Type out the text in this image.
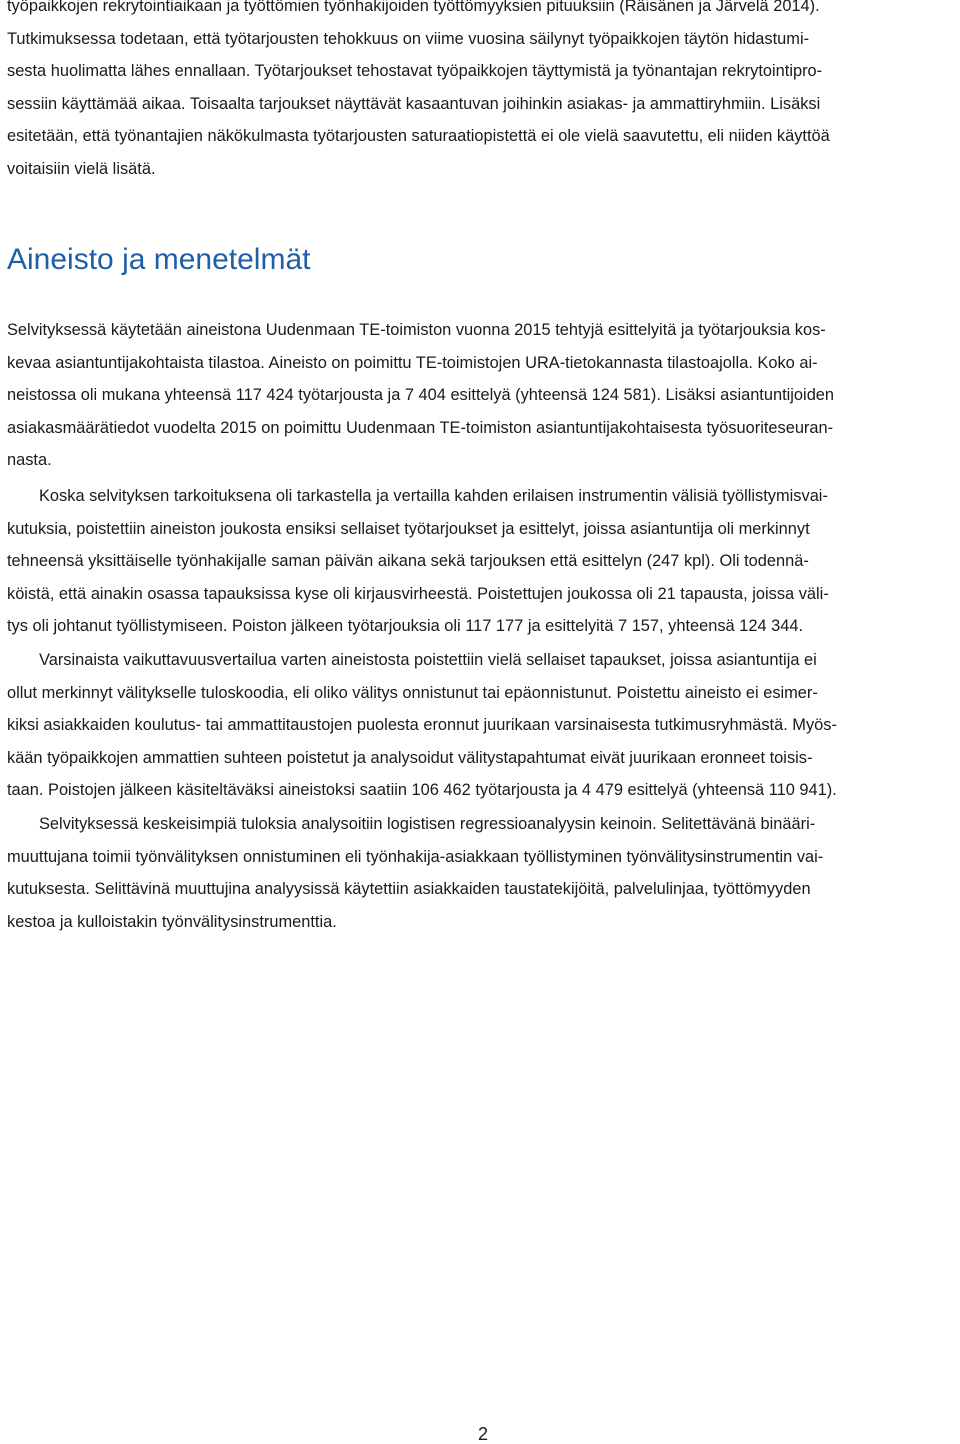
työpaikkojen rekrytointiaikaan ja työttömien työnhakijoiden työttömyyksien pituuksiin (Räisänen ja Järvelä 2014).
Tutkimuksessa todetaan, että työtarjousten tehokkuus on viime vuosina säilynyt työpaikkojen täytön hidastumi-
sesta huolimatta lähes ennallaan. Työtarjoukset tehostavat työpaikkojen täyttymistä ja työnantajan rekrytointipro-
sessiin käyttämää aikaa. Toisaalta tarjoukset näyttävät kasaantuvan joihinkin asiakas- ja ammattiryhmiin. Lisäksi
esitetään, että työnantajien näkökulmasta työtarjousten saturaatiopistettä ei ole vielä saavutettu, eli niiden käyttöä
voitaisiin vielä lisätä.

Aineisto ja menetelmät

Selvityksessä käytetään aineistona Uudenmaan TE-toimiston vuonna 2015 tehtyjä esittelyitä ja työtarjouksia kos-
kevaa asiantuntijakohtaista tilastoa. Aineisto on poimittu TE-toimistojen URA-tietokannasta tilastoajolla. Koko ai-
neistossa oli mukana yhteensä 117 424 työtarjousta ja 7 404 esittelyä (yhteensä 124 581). Lisäksi asiantuntijoiden
asiakasmäärätiedot vuodelta 2015 on poimittu Uudenmaan TE-toimiston asiantuntijakohtaisesta työsuoriteseuran-
nasta.

Koska selvityksen tarkoituksena oli tarkastella ja vertailla kahden erilaisen instrumentin välisiä työllistymisvai-
kutuksia, poistettiin aineiston joukosta ensiksi sellaiset työtarjoukset ja esittelyt, joissa asiantuntija oli merkinnyt
tehneensä yksittäiselle työnhakijalle saman päivän aikana sekä tarjouksen että esittelyn (247 kpl). Oli todennä-
köistä, että ainakin osassa tapauksissa kyse oli kirjausvirheestä. Poistettujen joukossa oli 21 tapausta, joissa väli-
tys oli johtanut työllistymiseen. Poiston jälkeen työtarjouksia oli 117 177 ja esittelyitä 7 157, yhteensä 124 344.

Varsinaista vaikuttavuusvertailua varten aineistosta poistettiin vielä sellaiset tapaukset, joissa asiantuntija ei
ollut merkinnyt välitykselle tuloskoodia, eli oliko välitys onnistunut tai epäonnistunut. Poistettu aineisto ei esimer-
kiksi asiakkaiden koulutus- tai ammattitaustojen puolesta eronnut juurikaan varsinaisesta tutkimusryhmästä. Myös-
kään työpaikkojen ammattien suhteen poistetut ja analysoidut välitystapahtumat eivät juurikaan eronneet toisis-
taan. Poistojen jälkeen käsiteltäväksi aineistoksi saatiin 106 462 työtarjousta ja 4 479 esittelyä (yhteensä 110 941).

Selvityksessä keskeisimpiä tuloksia analysoitiin logistisen regressioanalyysin keinoin. Selitettävänä binääri-
muuttujana toimii työnvälityksen onnistuminen eli työnhakija-asiakkaan työllistyminen työnvälitysinstrumentin vai-
kutuksesta. Selittävinä muuttujina analyysissä käytettiin asiakkaiden taustatekijöitä, palvelulinjaa, työttömyyden
kestoa ja kulloistakin työnvälitysinstrumenttia.

2
